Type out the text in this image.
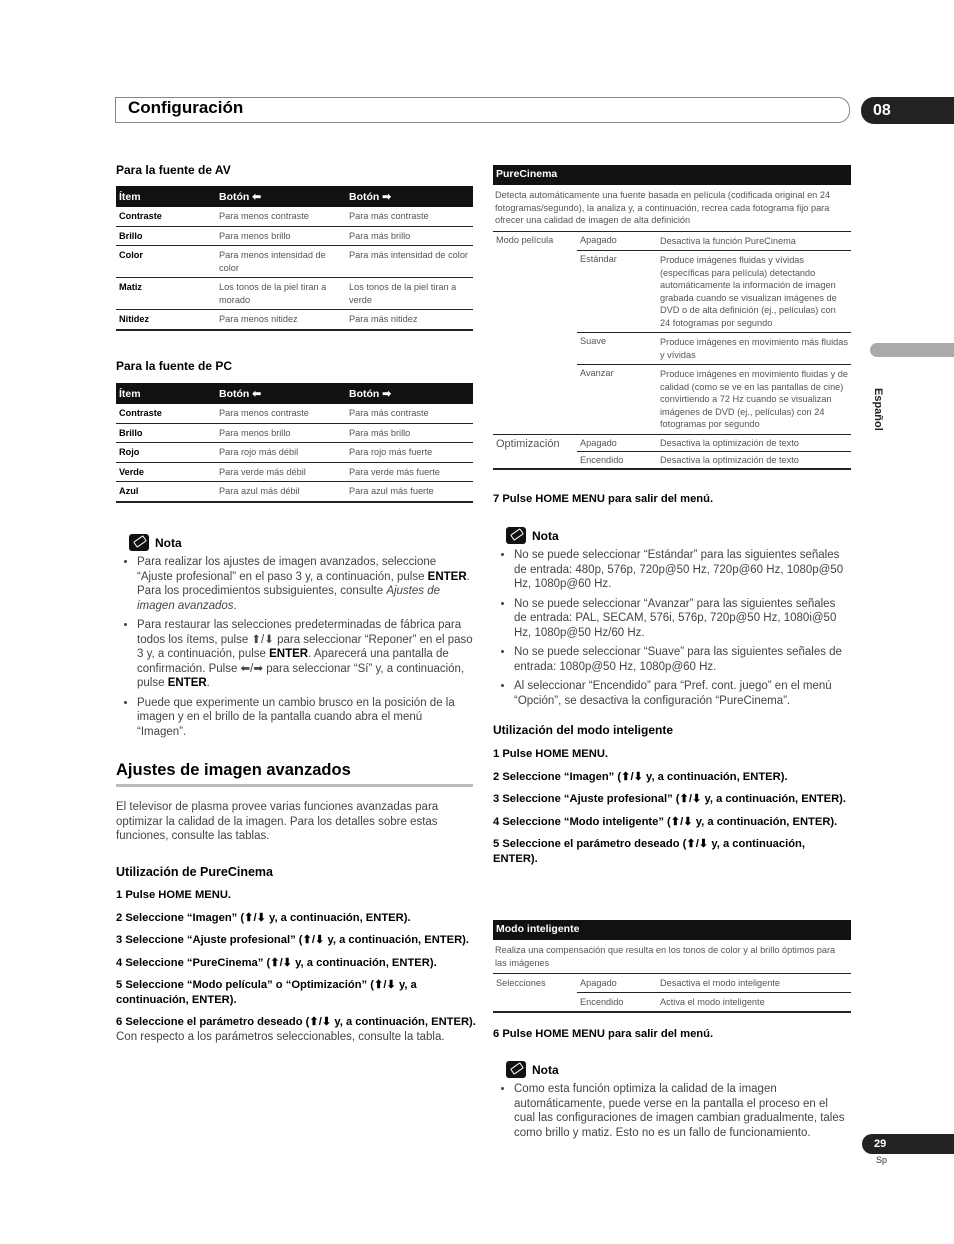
Configuración	08
Español
Para la fuente de AV
Ítem	Botón ⬅	Botón ➡
Contraste	Para menos contraste	Para más contraste
Brillo	Para menos brillo	Para más brillo
Color	Para menos intensidad de color	Para más intensidad de color
Matiz	Los tonos de la piel tiran a morado	Los tonos de la piel tiran a verde
Nitidez	Para menos nitidez	Para más nitidez
Para la fuente de PC
Ítem	Botón ⬅	Botón ➡
Contraste	Para menos contraste	Para más contraste
Brillo	Para menos brillo	Para más brillo
Rojo	Para rojo más débil	Para rojo más fuerte
Verde	Para verde más débil	Para verde más fuerte
Azul	Para azul más débil	Para azul más fuerte
Nota
• Para realizar los ajustes de imagen avanzados, seleccione “Ajuste profesional” en el paso 3 y, a continuación, pulse ENTER. Para los procedimientos subsiguientes, consulte Ajustes de imagen avanzados.
• Para restaurar las selecciones predeterminadas de fábrica para todos los ítems, pulse ⬆/⬇ para seleccionar “Reponer” en el paso 3 y, a continuación, pulse ENTER. Aparecerá una pantalla de confirmación. Pulse ⬅/➡ para seleccionar “Sí” y, a continuación, pulse ENTER.
• Puede que experimente un cambio brusco en la posición de la imagen y en el brillo de la pantalla cuando abra el menú “Imagen”.
Ajustes de imagen avanzados
El televisor de plasma provee varias funciones avanzadas para optimizar la calidad de la imagen. Para los detalles sobre estas funciones, consulte las tablas.
Utilización de PureCinema
1 Pulse HOME MENU.
2 Seleccione “Imagen” (⬆/⬇ y, a continuación, ENTER).
3 Seleccione “Ajuste profesional” (⬆/⬇ y, a continuación, ENTER).
4 Seleccione “PureCinema” (⬆/⬇ y, a continuación, ENTER).
5 Seleccione “Modo película” o “Optimización” (⬆/⬇ y, a continuación, ENTER).
6 Seleccione el parámetro deseado (⬆/⬇ y, a continuación, ENTER).
Con respecto a los parámetros seleccionables, consulte la tabla.
PureCinema
Detecta automáticamente una fuente basada en película (codificada original en 24 fotogramas/segundo), la analiza y, a continuación, recrea cada fotograma fijo para ofrecer una calidad de imagen de alta definición
Modo película	Apagado	Desactiva la función PureCinema
	Estándar	Produce imágenes fluidas y vívidas (específicas para película) detectando automáticamente la información de imagen grabada cuando se visualizan imágenes de DVD o de alta definición (ej., películas) con 24 fotogramas por segundo
	Suave	Produce imágenes en movimiento más fluidas y vívidas
	Avanzar	Produce imágenes en movimiento fluidas y de calidad (como se ve en las pantallas de cine) convirtiendo a 72 Hz cuando se visualizan imágenes de DVD (ej., películas) con 24 fotogramas por segundo
Optimización	Apagado	Desactiva la optimización de texto
	Encendido	Desactiva la optimización de texto
7 Pulse HOME MENU para salir del menú.
Nota
• No se puede seleccionar “Estándar” para las siguientes señales de entrada: 480p, 576p, 720p@50 Hz, 720p@60 Hz, 1080p@50 Hz, 1080p@60 Hz.
• No se puede seleccionar “Avanzar” para las siguientes señales de entrada: PAL, SECAM, 576i, 576p, 720p@50 Hz, 1080i@50 Hz, 1080p@50 Hz/60 Hz.
• No se puede seleccionar “Suave” para las siguientes señales de entrada: 1080p@50 Hz, 1080p@60 Hz.
• Al seleccionar “Encendido” para “Pref. cont. juego” en el menú “Opción”, se desactiva la configuración “PureCinema”.
Utilización del modo inteligente
1 Pulse HOME MENU.
2 Seleccione “Imagen” (⬆/⬇ y, a continuación, ENTER).
3 Seleccione “Ajuste profesional” (⬆/⬇ y, a continuación, ENTER).
4 Seleccione “Modo inteligente” (⬆/⬇ y, a continuación, ENTER).
5 Seleccione el parámetro deseado (⬆/⬇ y, a continuación, ENTER).
Modo inteligente
Realiza una compensación que resulta en los tonos de color y al brillo óptimos para las imágenes
Selecciones	Apagado	Desactiva el modo inteligente
	Encendido	Activa el modo inteligente
6 Pulse HOME MENU para salir del menú.
Nota
• Como esta función optimiza la calidad de la imagen automáticamente, puede verse en la pantalla el proceso en el cual las configuraciones de imagen cambian gradualmente, tales como brillo y matiz. Esto no es un fallo de funcionamiento.
29
Sp
